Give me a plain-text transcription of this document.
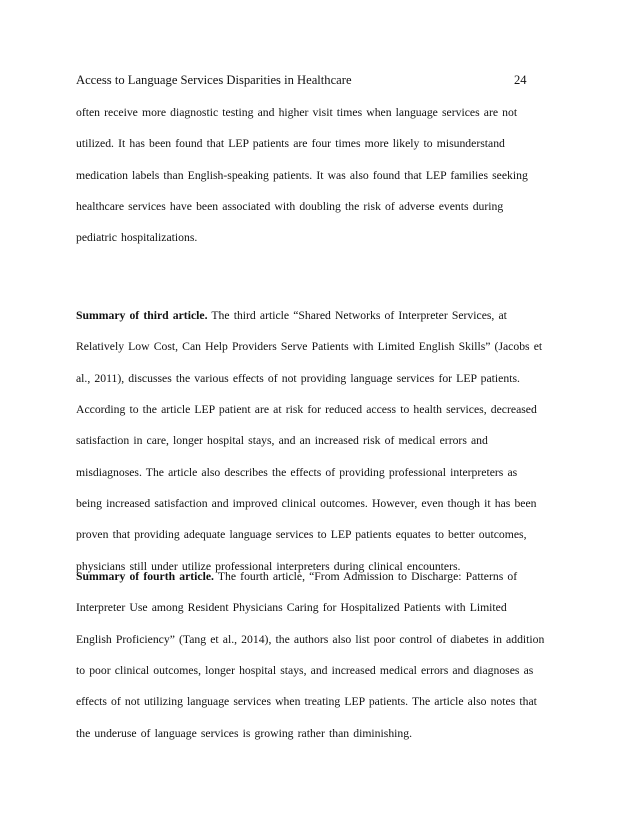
Access to Language Services Disparities in Healthcare	24
often receive more diagnostic testing and higher visit times when language services are not
utilized. It has been found that LEP patients are four times more likely to misunderstand
medication labels than English-speaking patients. It was also found that LEP families seeking
healthcare services have been associated with doubling the risk of adverse events during
pediatric hospitalizations.
Summary of third article. The third article “Shared Networks of Interpreter Services, at
Relatively Low Cost, Can Help Providers Serve Patients with Limited English Skills” (Jacobs et
al., 2011), discusses the various effects of not providing language services for LEP patients.
According to the article LEP patient are at risk for reduced access to health services, decreased
satisfaction in care, longer hospital stays, and an increased risk of medical errors and
misdiagnoses. The article also describes the effects of providing professional interpreters as
being increased satisfaction and improved clinical outcomes. However, even though it has been
proven that providing adequate language services to LEP patients equates to better outcomes,
physicians still under utilize professional interpreters during clinical encounters.
Summary of fourth article. The fourth article, “From Admission to Discharge: Patterns of
Interpreter Use among Resident Physicians Caring for Hospitalized Patients with Limited
English Proficiency” (Tang et al., 2014), the authors also list poor control of diabetes in addition
to poor clinical outcomes, longer hospital stays, and increased medical errors and diagnoses as
effects of not utilizing language services when treating LEP patients. The article also notes that
the underuse of language services is growing rather than diminishing.
